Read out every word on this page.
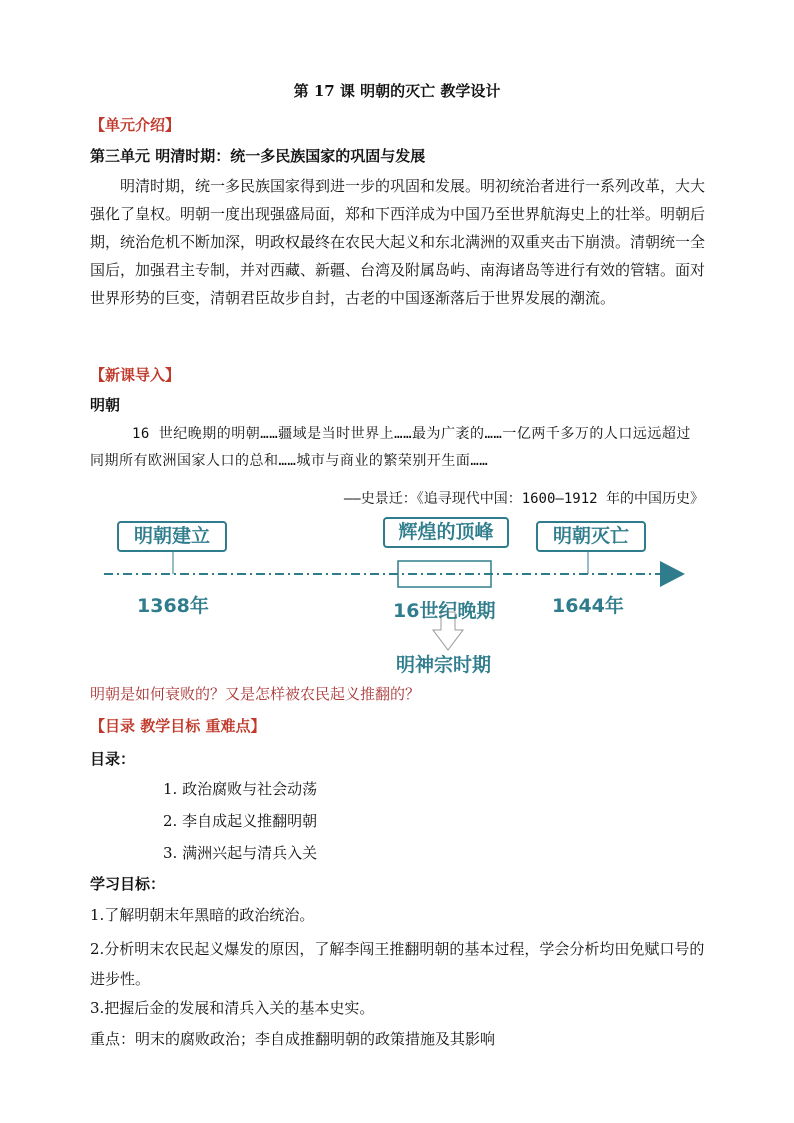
第 17 课 明朝的灭亡 教学设计
【单元介绍】
第三单元 明清时期：统一多民族国家的巩固与发展
明清时期，统一多民族国家得到进一步的巩固和发展。明初统治者进行一系列改革，大大强化了皇权。明朝一度出现强盛局面，郑和下西洋成为中国乃至世界航海史上的壮举。明朝后期，统治危机不断加深，明政权最终在农民大起义和东北满洲的双重夹击下崩溃。清朝统一全国后，加强君主专制，并对西藏、新疆、台湾及附属岛屿、南海诸岛等进行有效的管辖。面对世界形势的巨变，清朝君臣故步自封，古老的中国逐渐落后于世界发展的潮流。
【新课导入】
明朝
16 世纪晚期的明朝……疆域是当时世界上……最为广袤的……一亿两千多万的人口远远超过同期所有欧洲国家人口的总和……城市与商业的繁荣别开生面……
——史景迁：《追寻现代中国：1600—1912 年的中国历史》
明朝建立	辉煌的顶峰	明朝灭亡
1368年	16世纪晚期	1644年
明神宗时期
明朝是如何衰败的？又是怎样被农民起义推翻的？
【目录 教学目标 重难点】
目录：
1. 政治腐败与社会动荡
2. 李自成起义推翻明朝
3. 满洲兴起与清兵入关
学习目标：
1.了解明朝末年黑暗的政治统治。
2.分析明末农民起义爆发的原因，了解李闯王推翻明朝的基本过程，学会分析均田免赋口号的进步性。
3.把握后金的发展和清兵入关的基本史实。
重点：明末的腐败政治；李自成推翻明朝的政策措施及其影响
